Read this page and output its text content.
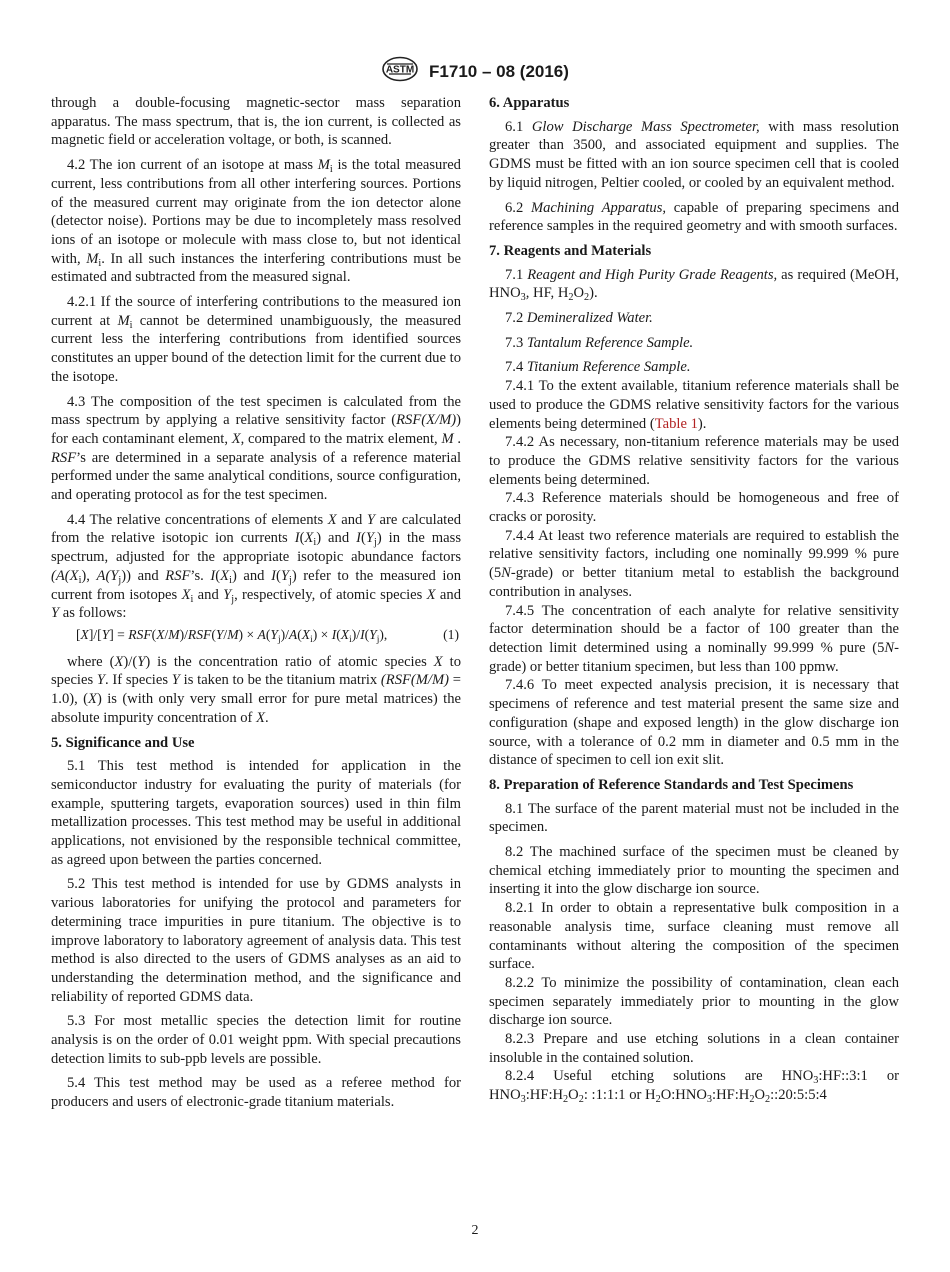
ASTM F1710 – 08 (2016)

through a double-focusing magnetic-sector mass separation apparatus. The mass spectrum, that is, the ion current, is collected as magnetic field or acceleration voltage, or both, is scanned.

4.2 The ion current of an isotope at mass $M_i$ is the total measured current, less contributions from all other interfering sources. Portions of the measured current may originate from the ion detector alone (detector noise). Portions may be due to incompletely mass resolved ions of an isotope or molecule with mass close to, but not identical with, $M_i$. In all such instances the interfering contributions must be estimated and subtracted from the measured signal.

4.2.1 If the source of interfering contributions to the measured ion current at $M_i$ cannot be determined unambiguously, the measured current less the interfering contributions from identified sources constitutes an upper bound of the detection limit for the current due to the isotope.

4.3 The composition of the test specimen is calculated from the mass spectrum by applying a relative sensitivity factor (RSF(X/M)) for each contaminant element, X, compared to the matrix element, M . RSF’s are determined in a separate analysis of a reference material performed under the same analytical conditions, source configuration, and operating protocol as for the test specimen.

4.4 The relative concentrations of elements X and Y are calculated from the relative isotopic ion currents $I(X_i)$ and $I(Y_j)$ in the mass spectrum, adjusted for the appropriate isotopic abundance factors ($A(X_i)$, $A(Y_j)$) and RSF’s. $I(X_i)$ and $I(Y_j)$ refer to the measured ion current from isotopes $X_i$ and $Y_j$, respectively, of atomic species X and Y as follows:

$[X]/[Y] = RSF(X/M)/RSF(Y/M) \times A(Y_j)/A(X_i) \times I(X_i)/I(Y_j)$,	(1)

where (X)/(Y) is the concentration ratio of atomic species X to species Y. If species Y is taken to be the titanium matrix (RSF(M/M) = 1.0), (X) is (with only very small error for pure metal matrices) the absolute impurity concentration of X.

5. Significance and Use

5.1 This test method is intended for application in the semiconductor industry for evaluating the purity of materials (for example, sputtering targets, evaporation sources) used in thin film metallization processes. This test method may be useful in additional applications, not envisioned by the responsible technical committee, as agreed upon between the parties concerned.

5.2 This test method is intended for use by GDMS analysts in various laboratories for unifying the protocol and parameters for determining trace impurities in pure titanium. The objective is to improve laboratory to laboratory agreement of analysis data. This test method is also directed to the users of GDMS analyses as an aid to understanding the determination method, and the significance and reliability of reported GDMS data.

5.3 For most metallic species the detection limit for routine analysis is on the order of 0.01 weight ppm. With special precautions detection limits to sub-ppb levels are possible.

5.4 This test method may be used as a referee method for producers and users of electronic-grade titanium materials.

6. Apparatus

6.1 Glow Discharge Mass Spectrometer, with mass resolution greater than 3500, and associated equipment and supplies. The GDMS must be fitted with an ion source specimen cell that is cooled by liquid nitrogen, Peltier cooled, or cooled by an equivalent method.

6.2 Machining Apparatus, capable of preparing specimens and reference samples in the required geometry and with smooth surfaces.

7. Reagents and Materials

7.1 Reagent and High Purity Grade Reagents, as required (MeOH, $HNO_3$, HF, $H_2O_2$).

7.2 Demineralized Water.

7.3 Tantalum Reference Sample.

7.4 Titanium Reference Sample.

7.4.1 To the extent available, titanium reference materials shall be used to produce the GDMS relative sensitivity factors for the various elements being determined (Table 1).

7.4.2 As necessary, non-titanium reference materials may be used to produce the GDMS relative sensitivity factors for the various elements being determined.

7.4.3 Reference materials should be homogeneous and free of cracks or porosity.

7.4.4 At least two reference materials are required to establish the relative sensitivity factors, including one nominally 99.999 % pure (5N-grade) or better titanium metal to establish the background contribution in analyses.

7.4.5 The concentration of each analyte for relative sensitivity factor determination should be a factor of 100 greater than the detection limit determined using a nominally 99.999 % pure (5N-grade) or better titanium specimen, but less than 100 ppmw.

7.4.6 To meet expected analysis precision, it is necessary that specimens of reference and test material present the same size and configuration (shape and exposed length) in the glow discharge ion source, with a tolerance of 0.2 mm in diameter and 0.5 mm in the distance of specimen to cell ion exit slit.

8. Preparation of Reference Standards and Test Specimens

8.1 The surface of the parent material must not be included in the specimen.

8.2 The machined surface of the specimen must be cleaned by chemical etching immediately prior to mounting the specimen and inserting it into the glow discharge ion source.

8.2.1 In order to obtain a representative bulk composition in a reasonable analysis time, surface cleaning must remove all contaminants without altering the composition of the specimen surface.

8.2.2 To minimize the possibility of contamination, clean each specimen separately immediately prior to mounting in the glow discharge ion source.

8.2.3 Prepare and use etching solutions in a clean container insoluble in the contained solution.

8.2.4 Useful etching solutions are $HNO_3:HF::3:1$ or $HNO_3:HF:H_2O_2$: :1:1:1 or $H_2O:HNO_3:HF:H_2O_2::20:5:5:4$

2
